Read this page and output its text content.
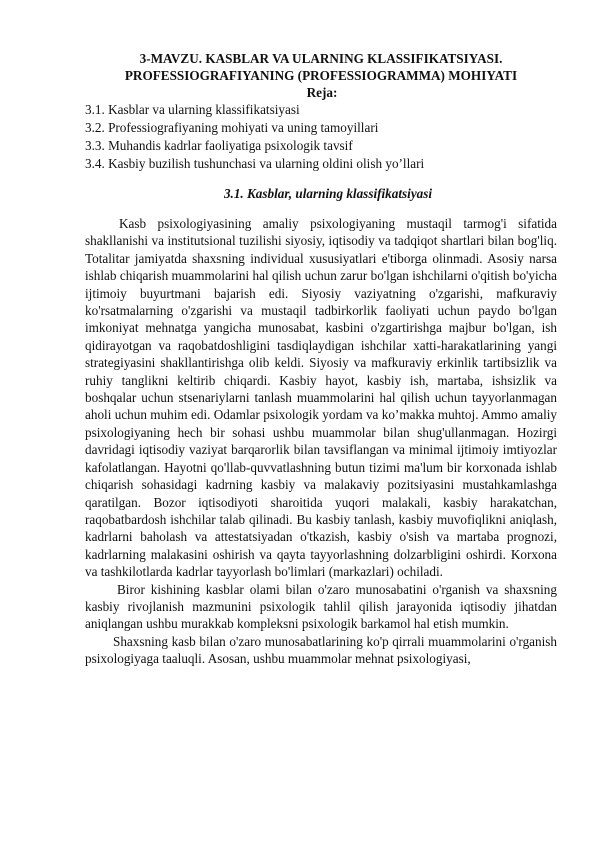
3-MAVZU. KASBLAR VA ULARNING KLASSIFIKATSIYASI.
PROFESSIOGRAFIYANING (PROFESSIOGRAMMA) MOHIYATI
Reja:
3.1. Kasblar va ularning klassifikatsiyasi
3.2. Professiografiyaning mohiyati va uning tamoyillari
3.3. Muhandis kadrlar faoliyatiga psixologik tavsif
3.4. Kasbiy buzilish tushunchasi va ularning oldini olish yo’llari
3.1. Kasblar, ularning klassifikatsiyasi

Kasb psixologiyasining amaliy psixologiyaning mustaqil tarmog'i sifatida shakllanishi va institutsional tuzilishi siyosiy, iqtisodiy va tadqiqot shartlari bilan bog'liq. Totalitar jamiyatda shaxsning individual xususiyatlari e'tiborga olinmadi. Asosiy narsa ishlab chiqarish muammolarini hal qilish uchun zarur bo'lgan ishchilarni o'qitish bo'yicha ijtimoiy buyurtmani bajarish edi. Siyosiy vaziyatning o'zgarishi, mafkuraviy ko'rsatmalarning o'zgarishi va mustaqil tadbirkorlik faoliyati uchun paydo bo'lgan imkoniyat mehnatga yangicha munosabat, kasbini o'zgartirishga majbur bo'lgan, ish qidirayotgan va raqobatdoshligini tasdiqlaydigan ishchilar xatti-harakatlarining yangi strategiyasini shakllantirishga olib keldi. Siyosiy va mafkuraviy erkinlik tartibsizlik va ruhiy tanglikni keltirib chiqardi. Kasbiy hayot, kasbiy ish, martaba, ishsizlik va boshqalar uchun stsenariylarni tanlash muammolarini hal qilish uchun tayyorlanmagan aholi uchun muhim edi. Odamlar psixologik yordam va ko’makka muhtoj. Ammo amaliy psixologiyaning hech bir sohasi ushbu muammolar bilan shug'ullanmagan. Hozirgi davridagi iqtisodiy vaziyat barqarorlik bilan tavsiflangan va minimal ijtimoiy imtiyozlar kafolatlangan. Hayotni qo'llab-quvvatlashning butun tizimi ma'lum bir korxonada ishlab chiqarish sohasidagi kadrning kasbiy va malakaviy pozitsiyasini mustahkamlashga qaratilgan. Bozor iqtisodiyoti sharoitida yuqori malakali, kasbiy harakatchan, raqobatbardosh ishchilar talab qilinadi. Bu kasbiy tanlash, kasbiy muvofiqlikni aniqlash, kadrlarni baholash va attestatsiyadan o'tkazish, kasbiy o'sish va martaba prognozi, kadrlarning malakasini oshirish va qayta tayyorlashning dolzarbligini oshirdi. Korxona va tashkilotlarda kadrlar tayyorlash bo'limlari (markazlari) ochiladi.

Biror kishining kasblar olami bilan o'zaro munosabatini o'rganish va shaxsning kasbiy rivojlanish mazmunini psixologik tahlil qilish jarayonida iqtisodiy jihatdan aniqlangan ushbu murakkab kompleksni psixologik barkamol hal etish mumkin.

Shaxsning kasb bilan o'zaro munosabatlarining ko'p qirrali muammolarini o'rganish psixologiyaga taaluqli. Asosan, ushbu muammolar mehnat psixologiyasi,
